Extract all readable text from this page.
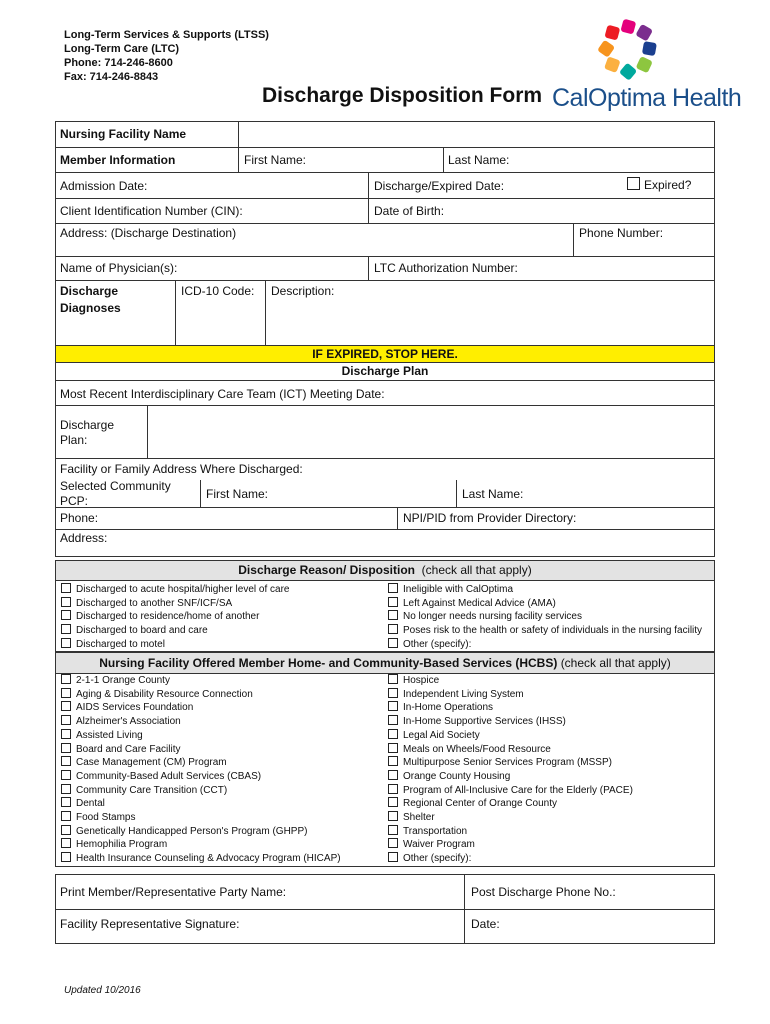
Long-Term Services & Supports (LTSS)
Long-Term Care (LTC)
Phone: 714-246-8600
Fax: 714-246-8843
Discharge Disposition Form CalOptima Health
Nursing Facility Name
Member Information	First Name:	Last Name:
Admission Date:	Discharge/Expired Date:	Expired?
Client Identification Number (CIN):	Date of Birth:
Address: (Discharge Destination)	Phone Number:
Name of Physician(s):	LTC Authorization Number:
Discharge
Diagnoses
ICD-10 Code: Description:
IF EXPIRED, STOP HERE.
Discharge Plan
Most Recent Interdisciplinary Care Team (ICT) Meeting Date:
Discharge
Plan:
Facility or Family Address Where Discharged:
Selected Community
PCP:	First Name:	Last Name:
Phone:	NPI/PID from Provider Directory:
Address:
Discharge Reason/ Disposition (check all that apply)
Discharged to acute hospital/higher level of care
Discharged to another SNF/ICF/SA
Discharged to residence/home of another
Discharged to board and care
Discharged to motel
Ineligible with CalOptima
Left Against Medical Advice (AMA)
No longer needs nursing facility services
Poses risk to the health or safety of individuals in the nursing facility
Other (specify):
Nursing Facility Offered Member Home- and Community-Based Services (HCBS) (check all that apply)
2-1-1 Orange County
Aging & Disability Resource Connection
AIDS Services Foundation
Alzheimer's Association
Assisted Living
Board and Care Facility
Case Management (CM) Program
Community-Based Adult Services (CBAS)
Community Care Transition (CCT)
Dental
Food Stamps
Genetically Handicapped Person's Program (GHPP)
Hemophilia Program
Health Insurance Counseling & Advocacy Program (HICAP)
Hospice
Independent Living System
In-Home Operations
In-Home Supportive Services (IHSS)
Legal Aid Society
Meals on Wheels/Food Resource
Multipurpose Senior Services Program (MSSP)
Orange County Housing
Program of All-Inclusive Care for the Elderly (PACE)
Regional Center of Orange County
Shelter
Transportation
Waiver Program
Other (specify):
Print Member/Representative Party Name:	Post Discharge Phone No.:
Facility Representative Signature:	Date:
Updated 10/2016
